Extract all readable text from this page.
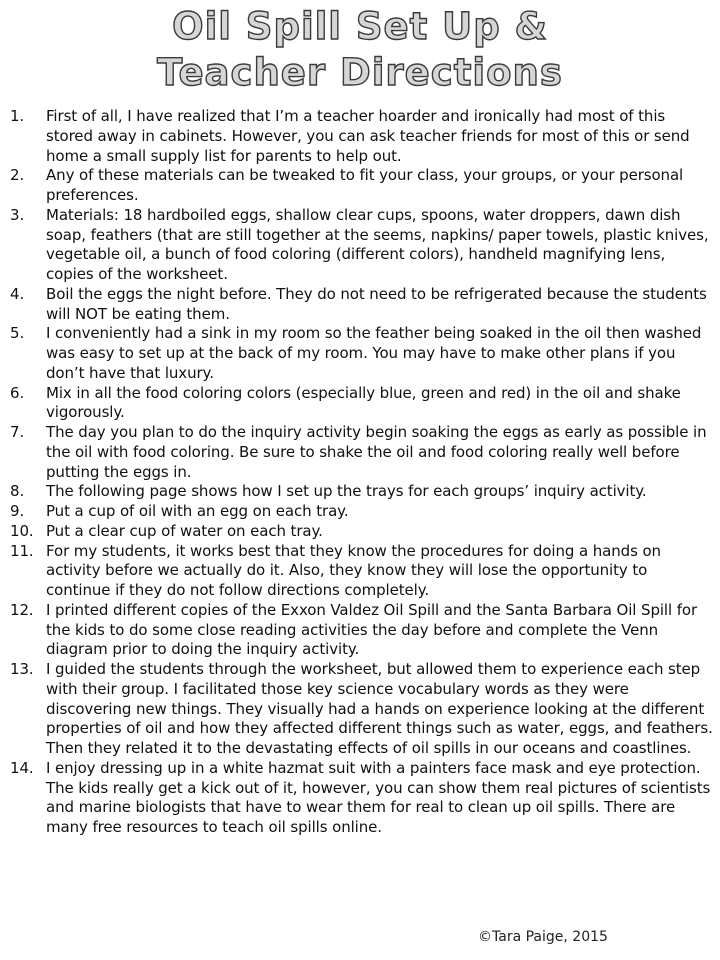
Oil Spill Set Up &
Teacher Directions
1.	First of all, I have realized that I’m a teacher hoarder and ironically had most of this stored away in cabinets. However, you can ask teacher friends for most of this or send home a small supply list for parents to help out.
2.	Any of these materials can be tweaked to fit your class, your groups, or your personal preferences.
3.	Materials: 18 hardboiled eggs, shallow clear cups, spoons, water droppers, dawn dish soap, feathers (that are still together at the seems, napkins/ paper towels, plastic knives, vegetable oil, a bunch of food coloring (different colors), handheld magnifying lens, copies of the worksheet.
4.	Boil the eggs the night before. They do not need to be refrigerated because the students will NOT be eating them.
5.	I conveniently had a sink in my room so the feather being soaked in the oil then washed was easy to set up at the back of my room. You may have to make other plans if you don’t have that luxury.
6.	Mix in all the food coloring colors (especially blue, green and red) in the oil and shake vigorously.
7.	The day you plan to do the inquiry activity begin soaking the eggs as early as possible in the oil with food coloring. Be sure to shake the oil and food coloring really well before putting the eggs in.
8.	The following page shows how I set up the trays for each groups’ inquiry activity.
9.	Put a cup of oil with an egg on each tray.
10. Put a clear cup of water on each tray.
11. For my students, it works best that they know the procedures for doing a hands on activity before we actually do it. Also, they know they will lose the opportunity to continue if they do not follow directions completely.
12. I printed different copies of the Exxon Valdez Oil Spill and the Santa Barbara Oil Spill for the kids to do some close reading activities the day before and complete the Venn diagram prior to doing the inquiry activity.
13. I guided the students through the worksheet, but allowed them to experience each step with their group. I facilitated those key science vocabulary words as they were discovering new things. They visually had a hands on experience looking at the different properties of oil and how they affected different things such as water, eggs, and feathers. Then they related it to the devastating effects of oil spills in our oceans and coastlines.
14. I enjoy dressing up in a white hazmat suit with a painters face mask and eye protection. The kids really get a kick out of it, however, you can show them real pictures of scientists and marine biologists that have to wear them for real to clean up oil spills. There are many free resources to teach oil spills online.
©Tara Paige, 2015
